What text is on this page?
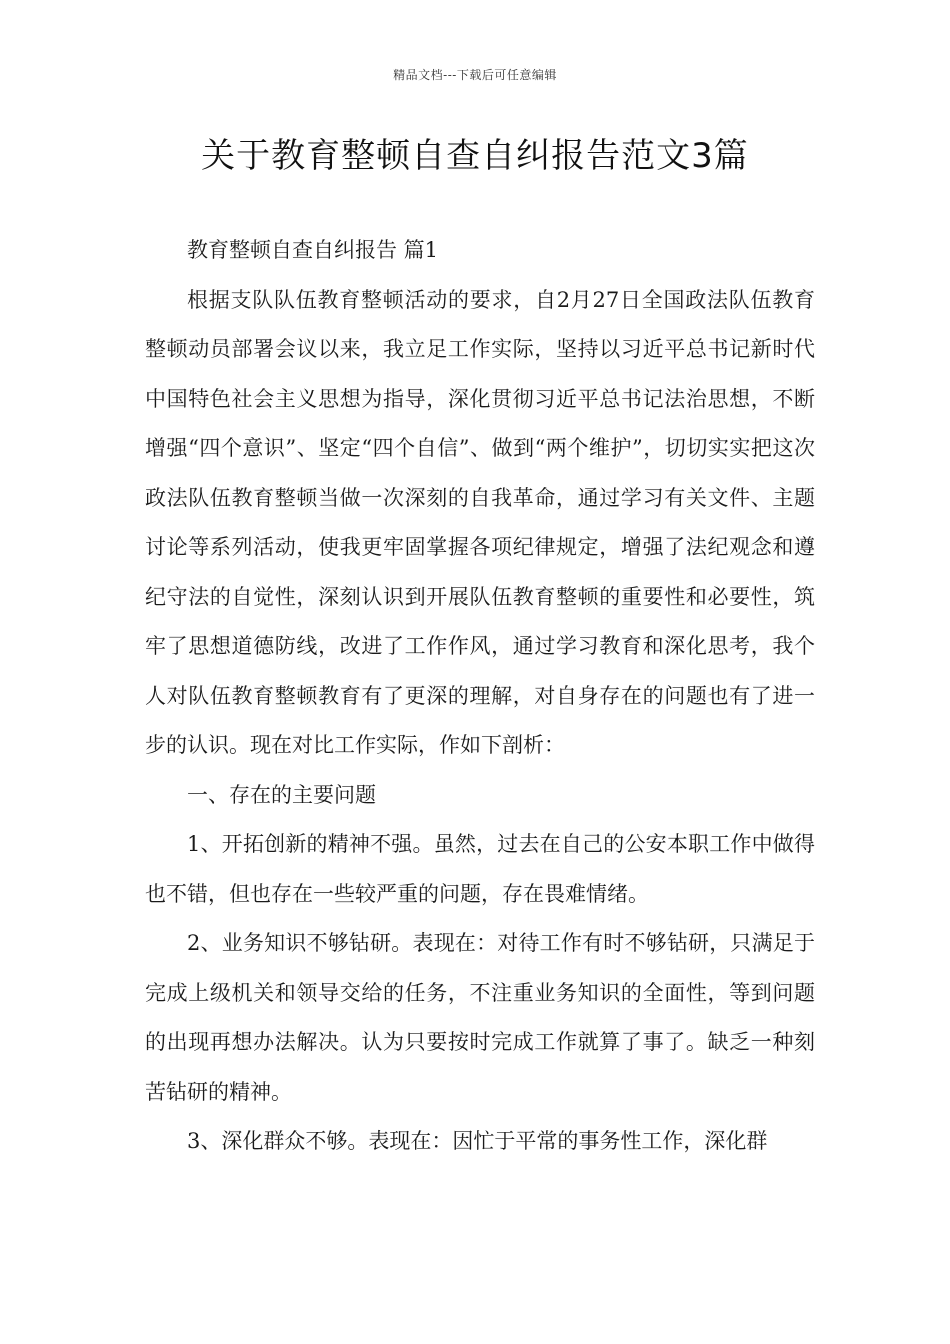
精品文档---下载后可任意编辑
关于教育整顿自查自纠报告范文3篇

教育整顿自查自纠报告 篇1

根据支队队伍教育整顿活动的要求，自2月27日全国政法队伍教育整顿动员部署会议以来，我立足工作实际，坚持以习近平总书记新时代中国特色社会主义思想为指导，深化贯彻习近平总书记法治思想，不断增强“四个意识”、坚定“四个自信”、做到“两个维护”，切切实实把这次政法队伍教育整顿当做一次深刻的自我革命，通过学习有关文件、主题讨论等系列活动，使我更牢固掌握各项纪律规定，增强了法纪观念和遵纪守法的自觉性，深刻认识到开展队伍教育整顿的重要性和必要性，筑牢了思想道德防线，改进了工作作风，通过学习教育和深化思考，我个人对队伍教育整顿教育有了更深的理解，对自身存在的问题也有了进一步的认识。现在对比工作实际，作如下剖析：

一、存在的主要问题

1、开拓创新的精神不强。虽然，过去在自己的公安本职工作中做得也不错，但也存在一些较严重的问题，存在畏难情绪。

2、业务知识不够钻研。表现在：对待工作有时不够钻研，只满足于完成上级机关和领导交给的任务，不注重业务知识的全面性，等到问题的出现再想办法解决。认为只要按时完成工作就算了事了。缺乏一种刻苦钻研的精神。

3、深化群众不够。表现在：因忙于平常的事务性工作，深化群
